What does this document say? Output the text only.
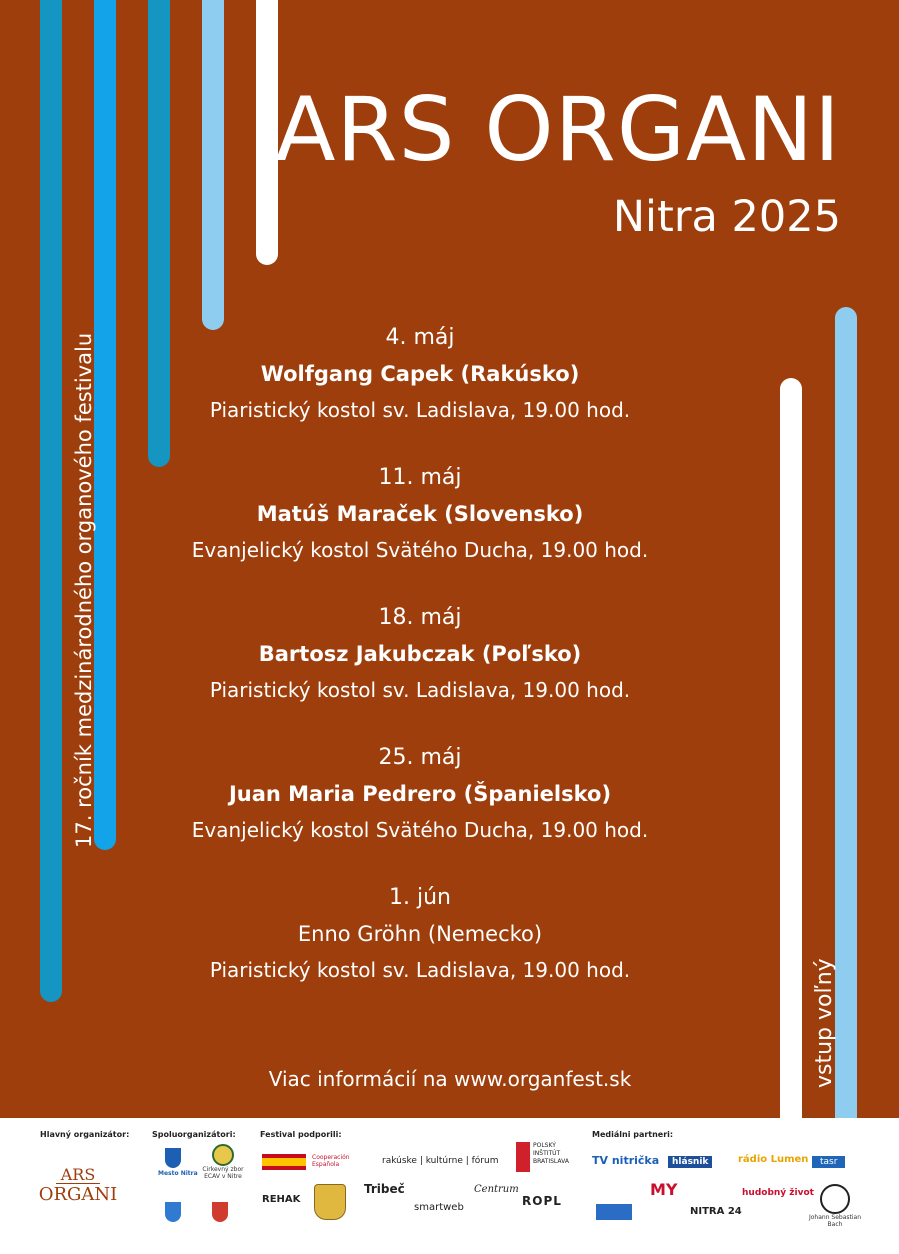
ARS ORGANI
Nitra 2025
17. ročník medzinárodného organového festivalu
vstup voľný
4. máj
Wolfgang Capek (Rakúsko)
Piaristický kostol sv. Ladislava, 19.00 hod.
11. máj
Matúš Maraček (Slovensko)
Evanjelický kostol Svätého Ducha, 19.00 hod.
18. máj
Bartosz Jakubczak (Poľsko)
Piaristický kostol sv. Ladislava, 19.00 hod.
25. máj
Juan Maria Pedrero (Španielsko)
Evanjelický kostol Svätého Ducha, 19.00 hod.
1. jún
Enno Gröhn (Nemecko)
Piaristický kostol sv. Ladislava, 19.00 hod.
Viac informácií na www.organfest.sk
Hlavný organizátor:	Spoluorganizátori:	Festival podporili:	Mediálni partneri:
ARS
ORGANI
Mesto Nitra
Cirkevný zbor ECAV v Nitre
Cooperación Española	rakúske | kultúrne | fórum
POLSKÝ INŠTITÚT BRATISLAVA
REHAK
Tribeč
smartweb
Centrum
ROPL
TV nitrička	hlásnik	rádio Lumen	tasr
MY
NITRA 24
hudobný život
Johann Sebastian Bach
